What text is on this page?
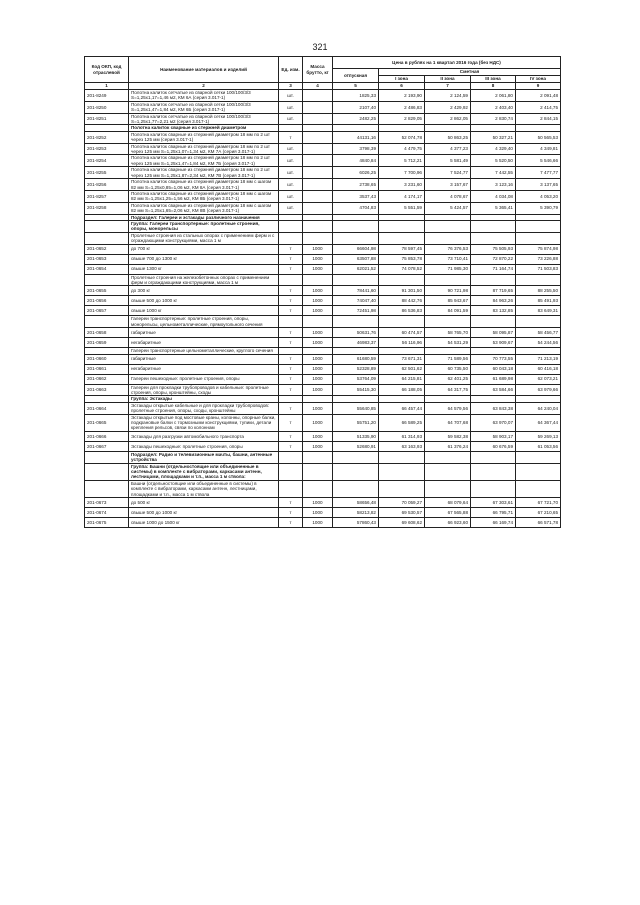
321
Код ОКП, код отраслевой	Наименование материалов и изделий	Ед. изм.	Масса брутто, кг	Цена в рублях на 1 квартал 2016 года (без НДС)				
				отпускная	Сметная			
					I зона	II зона	III зона	IV зона
1	2	3	4	5	6	7	8	9
201-8249	Полотна калиток сетчатые из сварной сетки 100/100/3/3 S=1,25х1,17=1,46 м2, КМ 6А (серия 3.017-1)	шт.		1825,33	2 193,90	2 124,59	2 061,80	2 091,48
201-8250	Полотна калиток сетчатые из сварной сетки 100/100/3/3 S=1,25х1,47=1,84 м2, КМ 6Б (серия 3.017-1)	шт.		2107,40	2 486,83	2 429,92	2 403,40	2 414,75
201-8251	Полотна калиток сетчатые из сварной сетки 100/100/3/3 S=1,25х1,77=2,21 м2 (серия 3.017-1)	шт.		2482,25	2 829,05	2 862,05	2 830,74	2 844,15
	Полотна калиток сварные из стержней диаметром							
201-8252	Полотна калиток сварные из стержней диаметром 18 мм по 2 шт через 125 мм (серия 3.017-1)	т		44131,16	52 074,78	50 863,25	50 327,21	50 565,53
201-8253	Полотна калиток сварные из стержней диаметром 18 мм по 2 шт через 125 мм S=1,25х1,07=1,34 м2, КМ 7А (серия 3.017-1)	шт.		3798,39	4 479,75	4 377,23	4 329,40	4 349,81
201-8254	Полотна калиток сварные из стержней диаметром 18 мм по 2 шт через 125 мм S=1,25х1,47=1,84 м2, КМ 7Б (серия 3.017-1)	шт.		4840,84	5 712,21	5 581,49	5 520,50	5 546,66
201-8255	Полотна калиток сварные из стержней диаметром 18 мм по 2 шт через 125 мм S=1,25х1,87=2,34 м2, КМ 7В (серия 3.017-1)	шт.		6026,25	7 700,96	7 524,77	7 442,55	7 477,77
201-8256	Полотна калиток сварные из стержней диаметром 18 мм с шагом 82 мм S=1,25х0,85=1,06 м2, КМ 8А (серия 3.017-1)	шт.		2738,65	3 231,60	3 157,67	3 123,16	3 137,65
201-8257	Полотна калиток сварные из стержней диаметром 18 мм с шагом 82 мм S=1,25х1,25=1,56 м2, КМ 8Б (серия 3.017-1)	шт.		3537,43	4 174,17	4 078,67	4 034,08	4 053,20
201-8258	Полотна калиток сварные из стержней диаметром 18 мм с шагом 82 мм S=1,25х1,65=2,06 м2, КМ 8В (серия 3.017-1)	шт.		4704,83	5 551,59	5 424,57	5 365,41	5 390,79
	Подраздел: Галереи и эстакады различного назначения							
	Группа: Галереи транспортерные: пролетные строения, опоры, монорельсы							
	Пролетные строения из стальных опорах с применением ферм и с ограждающими конструкциями, масса 1 м							
201-0652	до 700 кг	т	1000	66604,98	78 597,45	76 376,53	75 505,93	75 874,98
201-0653	свыше 700 до 1300 кг	т	1000	63507,88	75 853,78	73 710,41	72 870,22	73 226,88
201-0654	свыше 1300 кг	т	1000	62021,52	74 078,52	71 985,30	71 164,74	71 503,83
	Пролетные строения на железобетонных опорах с применением ферм и ограждающими конструкциями, масса 1 м							
201-0655	до 300 кг	т	1000	78441,60	91 301,50	90 721,98	87 719,65	88 255,50
201-0656	свыше 500 до 1000 кг	т	1000	74047,40	88 442,76	85 943,67	84 963,26	85 491,93
201-0657	свыше 1000 кг	т	1000	72451,98	86 536,83	84 091,59	83 132,85	83 649,31
	Галереи транспортерные: пролетные строения, опоры, монорельсы, цельнометаллические, прямоугольного сечения							
201-0658	габаритные	т	1000	50631,76	60 474,57	58 765,70	58 095,87	58 456,77
201-0659	негабаритные	т	1000	46983,37	56 116,96	54 531,29	53 909,67	54 244,56
	Галереи транспортерные цельнометаллические, круглого сечения							
201-0660	габаритные	т	1000	61680,59	73 671,31	71 589,56	70 773,55	71 213,19
201-0661	негабаритные	т	1000	52328,89	62 501,62	60 735,50	60 043,18	60 416,18
201-0662	Галереи пешеходные: пролетные строения, опоры	т	1000	53764,09	64 215,81	62 401,25	61 689,98	62 073,21
201-0663	Галереи для прокладки трубопроводов и кабельные: пролетные строения, опоры, кронштейны, сходы	т	1000	55415,30	66 188,05	64 317,75	63 584,66	63 979,66
	Группа: Эстакады							
201-0664	Эстакады открытые кабельные и для прокладки трубопроводов: пролетные строения, опоры, сходы, кронштейны	т	1000	55640,85	66 457,44	64 579,56	63 843,38	64 240,04
201-0665	Эстакады открытые под мостовые краны, колонны, опорные балки, подкрановые балки с тормозными конструкциями, тупики, детали крепления рельсов, связи по колоннам	т	1000	55751,20	66 589,25	64 707,68	63 970,07	64 367,44
201-0666	Эстакады для разгрузки автомобильного транспорта	т	1000	51335,90	61 314,93	59 582,38	58 903,17	59 269,13
201-0667	Эстакады пешеходные: пролетные строения, опоры	т	1000	52680,91	63 163,93	61 376,24	60 676,59	61 053,56
	Подраздел: Радио и телевизионные мачты, башни, антенные устройства							
	Группа: Башни (отдельностоящие или объединенные в системы) в комплекте с вибраторами, каркасами антенн, лестницами, площадками и т.п., масса 1 м ствола:							
	Башни (отдельностоящие или объединенные в системы) в комплекте с вибраторами, каркасами антенн, лестницами, площадками и т.п., масса 1 м ствола							
201-0673	до 500 кг	т	1000	58656,48	70 059,27	68 079,64	67 303,61	67 721,70
201-0674	свыше 500 до 1000 кг	т	1000	58213,82	69 530,57	67 565,88	66 795,71	67 210,65
201-0675	свыше 1000 до 1500 кг	т	1000	57860,43	69 608,62	66 923,60	66 169,74	66 571,78
